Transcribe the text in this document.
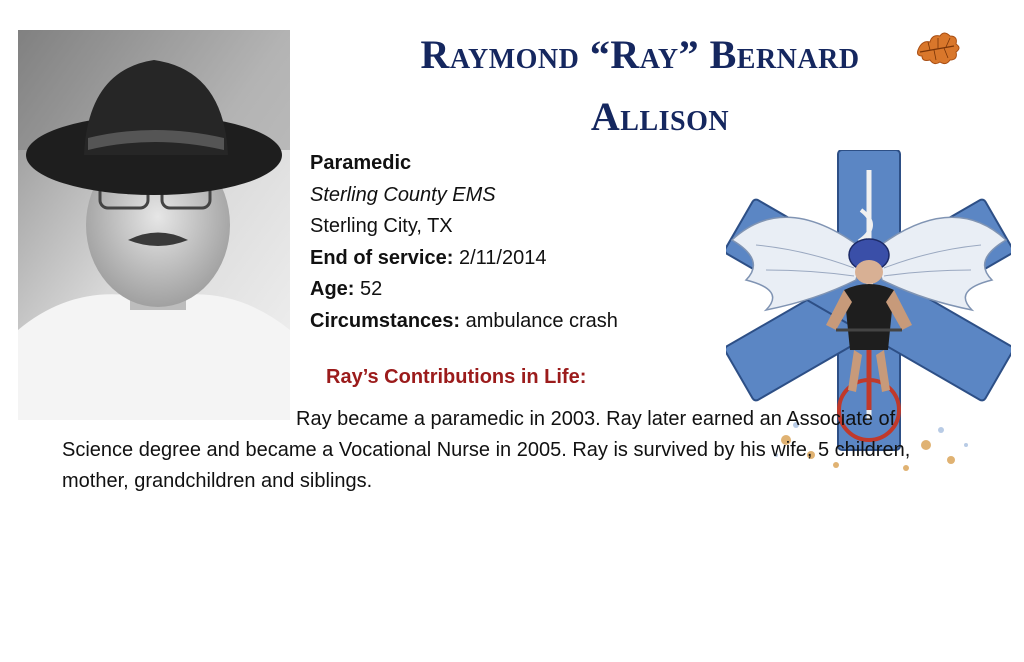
Raymond “Ray” Bernard
Allison
Paramedic
Sterling County EMS
Sterling City, TX
End of service: 2/11/2014
Age: 52
Circumstances: ambulance crash
Ray’s Contributions in Life:
Ray became a paramedic in 2003. Ray later earned an Associate of Science degree and became a Vocational Nurse in 2005. Ray is survived by his wife, 5 children, mother, grandchildren and siblings.
